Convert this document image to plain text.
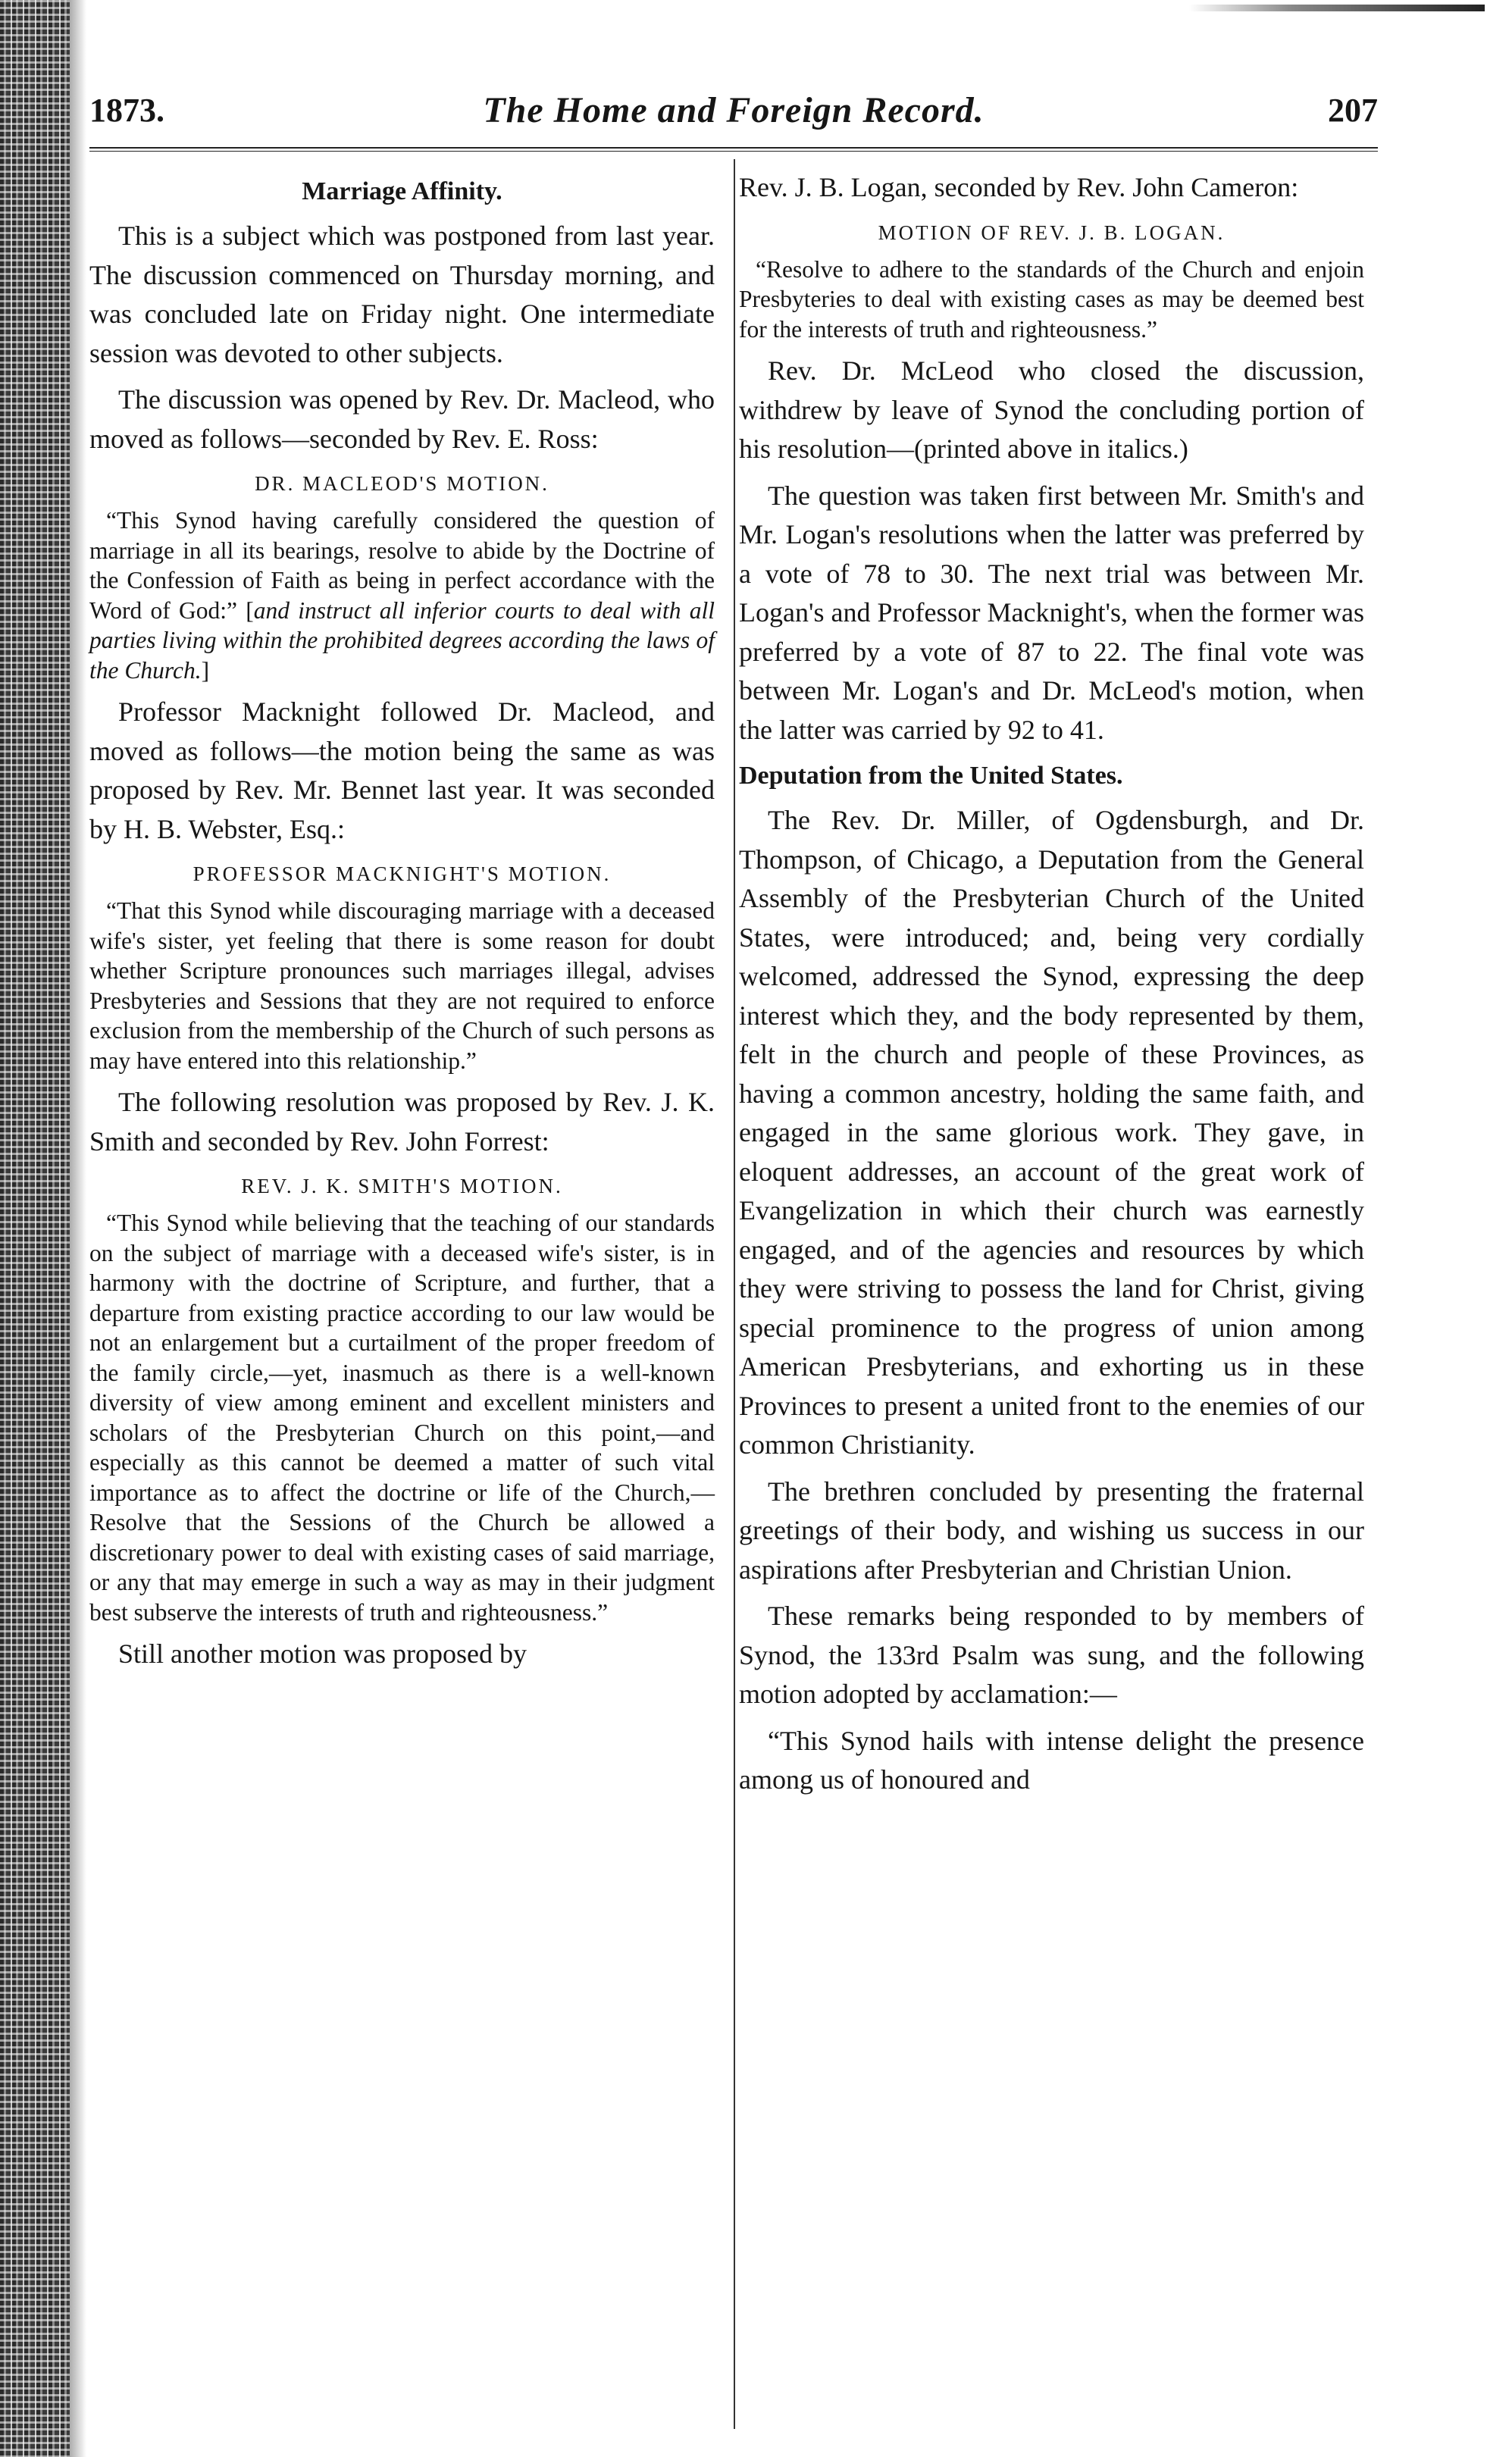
1873.	The Home and Foreign Record.	207
Marriage Affinity.

This is a subject which was postponed from last year. The discussion commenced on Thursday morning, and was concluded late on Friday night. One intermediate session was devoted to other subjects.

The discussion was opened by Rev. Dr. Macleod, who moved as follows—seconded by Rev. E. Ross:

DR. MACLEOD'S MOTION.

“This Synod having carefully considered the question of marriage in all its bearings, resolve to abide by the Doctrine of the Confession of Faith as being in perfect accordance with the Word of God:” [and instruct all inferior courts to deal with all parties living within the prohibited degrees according the laws of the Church.]

Professor Macknight followed Dr. Macleod, and moved as follows—the motion being the same as was proposed by Rev. Mr. Bennet last year. It was seconded by H. B. Webster, Esq.:

PROFESSOR MACKNIGHT'S MOTION.

“That this Synod while discouraging marriage with a deceased wife's sister, yet feeling that there is some reason for doubt whether Scripture pronounces such marriages illegal, advises Presbyteries and Sessions that they are not required to enforce exclusion from the membership of the Church of such persons as may have entered into this relationship.”

The following resolution was proposed by Rev. J. K. Smith and seconded by Rev. John Forrest:

REV. J. K. SMITH'S MOTION.

“This Synod while believing that the teaching of our standards on the subject of marriage with a deceased wife's sister, is in harmony with the doctrine of Scripture, and further, that a departure from existing practice according to our law would be not an enlargement but a curtailment of the proper freedom of the family circle,—yet, inasmuch as there is a well-known diversity of view among eminent and excellent ministers and scholars of the Presbyterian Church on this point,—and especially as this cannot be deemed a matter of such vital importance as to affect the doctrine or life of the Church,—Resolve that the Sessions of the Church be allowed a discretionary power to deal with existing cases of said marriage, or any that may emerge in such a way as may in their judgment best subserve the interests of truth and righteousness.”

Still another motion was proposed by

Rev. J. B. Logan, seconded by Rev. John Cameron:

MOTION OF REV. J. B. LOGAN.

“Resolve to adhere to the standards of the Church and enjoin Presbyteries to deal with existing cases as may be deemed best for the interests of truth and righteousness.”

Rev. Dr. McLeod who closed the discussion, withdrew by leave of Synod the concluding portion of his resolution—(printed above in italics.)

The question was taken first between Mr. Smith's and Mr. Logan's resolutions when the latter was preferred by a vote of 78 to 30. The next trial was between Mr. Logan's and Professor Macknight's, when the former was preferred by a vote of 87 to 22. The final vote was between Mr. Logan's and Dr. McLeod's motion, when the latter was carried by 92 to 41.

Deputation from the United States.

The Rev. Dr. Miller, of Ogdensburgh, and Dr. Thompson, of Chicago, a Deputation from the General Assembly of the Presbyterian Church of the United States, were introduced; and, being very cordially welcomed, addressed the Synod, expressing the deep interest which they, and the body represented by them, felt in the church and people of these Provinces, as having a common ancestry, holding the same faith, and engaged in the same glorious work. They gave, in eloquent addresses, an account of the great work of Evangelization in which their church was earnestly engaged, and of the agencies and resources by which they were striving to possess the land for Christ, giving special prominence to the progress of union among American Presbyterians, and exhorting us in these Provinces to present a united front to the enemies of our common Christianity.

The brethren concluded by presenting the fraternal greetings of their body, and wishing us success in our aspirations after Presbyterian and Christian Union.

These remarks being responded to by members of Synod, the 133rd Psalm was sung, and the following motion adopted by acclamation:—

“This Synod hails with intense delight the presence among us of honoured and
